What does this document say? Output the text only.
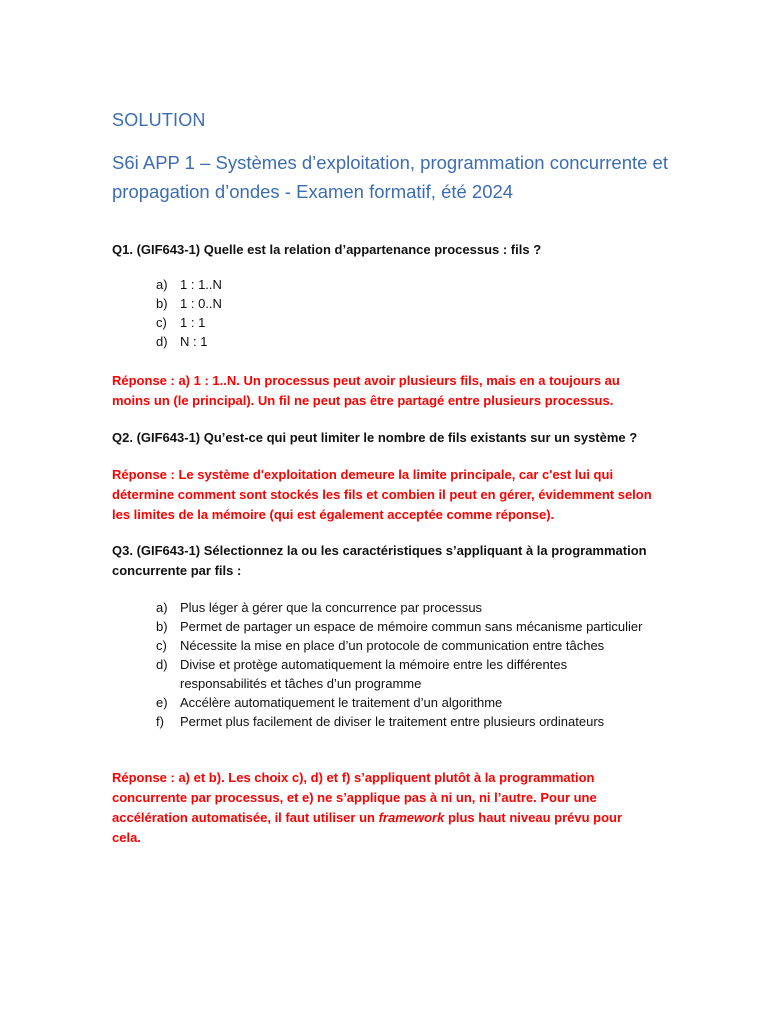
SOLUTION
S6i APP 1 – Systèmes d’exploitation, programmation concurrente et propagation d’ondes - Examen formatif, été 2024
Q1. (GIF643-1) Quelle est la relation d’appartenance processus : fils ?
a) 1 : 1..N
b) 1 : 0..N
c)	1 : 1
d) N : 1
Réponse : a) 1 : 1..N. Un processus peut avoir plusieurs fils, mais en a toujours au moins un (le principal). Un fil ne peut pas être partagé entre plusieurs processus.
Q2. (GIF643-1) Qu’est-ce qui peut limiter le nombre de fils existants sur un système ?
Réponse : Le système d'exploitation demeure la limite principale, car c'est lui qui détermine comment sont stockés les fils et combien il peut en gérer, évidemment selon les limites de la mémoire (qui est également acceptée comme réponse).
Q3. (GIF643-1) Sélectionnez la ou les caractéristiques s’appliquant à la programmation concurrente par fils :
a) Plus léger à gérer que la concurrence par processus
b) Permet de partager un espace de mémoire commun sans mécanisme particulier
c)	Nécessite la mise en place d’un protocole de communication entre tâches
d) Divise et protège automatiquement la mémoire entre les différentes responsabilités et tâches d’un programme
e) Accélère automatiquement le traitement d’un algorithme
f)	Permet plus facilement de diviser le traitement entre plusieurs ordinateurs
Réponse : a) et b). Les choix c), d) et f) s’appliquent plutôt à la programmation concurrente par processus, et e) ne s’applique pas à ni un, ni l’autre. Pour une accélération automatisée, il faut utiliser un framework plus haut niveau prévu pour cela.
